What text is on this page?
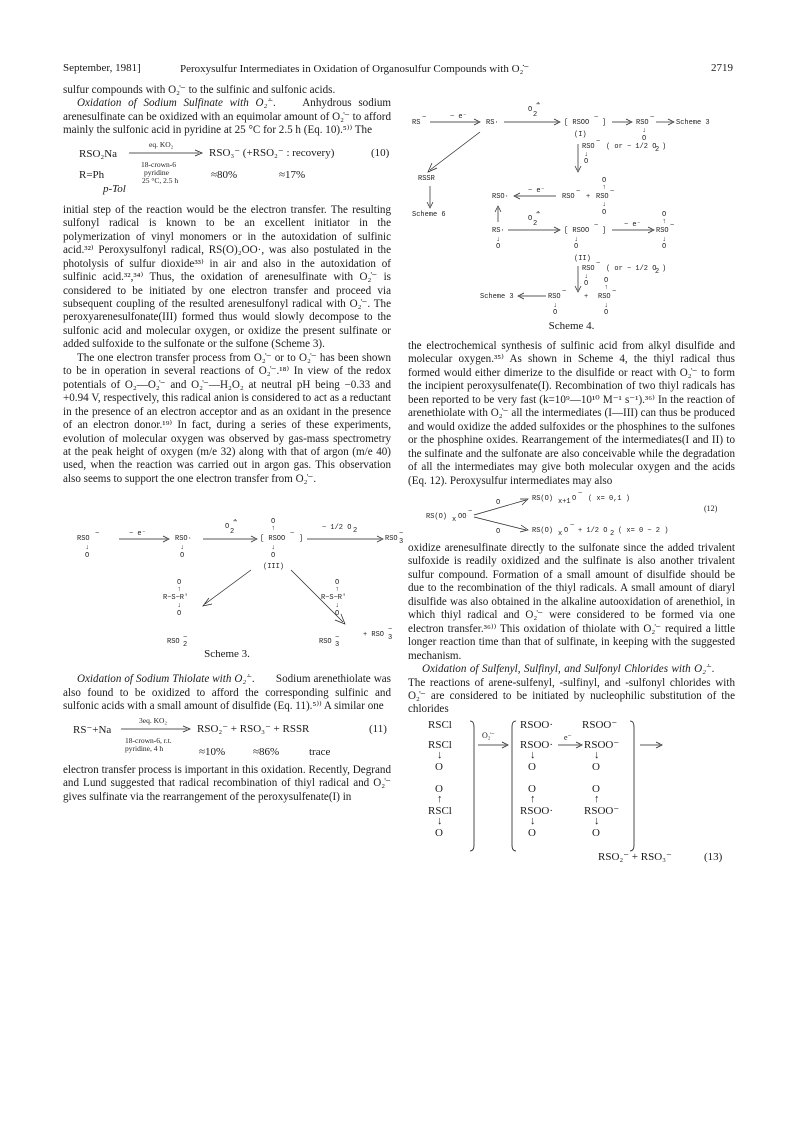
September, 1981]	Peroxysulfur Intermediates in Oxidation of Organosulfur Compounds with O₂̇⁻	2719

sulfur compounds with O₂̇⁻ to the sulfinic and sulfonic acids.

Oxidation of Sodium Sulfinate with O₂̇⁻. Anhydrous sodium arenesulfinate can be oxidized with an equimolar amount of O₂̇⁻ to afford mainly the sulfonic acid in pyridine at 25 °C for 2.5 h (Eq. 10).⁵⁾⁾ The

RSO₂Na
eq. KO₂
18-crown-6
pyridine
25 °C, 2.5 h
RSO₃⁻ (+RSO₂⁻ : recovery)	(10)
R=Ph	≈80%	≈17%
p-Tol

initial step of the reaction would be the electron transfer. The resulting sulfonyl radical is known to be an excellent initiator in the polymerization of vinyl monomers or in the autoxidation of sulfinic acid.³²⁾ Peroxysulfonyl radical, RS(O)₂OO·, was also postulated in the photolysis of sulfur dioxide³³⁾ in air and also in the autoxidation of sulfinic acid.³²,³⁴⁾ Thus, the oxidation of arenesulfinate with O₂̇⁻ is considered to be initiated by one electron transfer and proceed via subsequent coupling of the resulted arenesulfonyl radical with O₂̇⁻. The peroxyarenesulfonate(III) formed thus would slowly decompose to the sulfonic acid and molecular oxygen, or oxidize the present sulfinate or added sulfoxide to the sulfonate or the sulfone (Scheme 3).

The one electron transfer process from O₂̇⁻ or to O₂̇⁻ has been shown to be in operation in several reactions of O₂̇⁻.¹⁸⁾ In view of the redox potentials of O₂—O₂̇⁻ and O₂̇⁻—H₂O₂ at neutral pH being −0.33 and +0.94 V, respectively, this radical anion is considered to act as a reductant in the presence of an electron acceptor and as an oxidant in the presence of an electron donor.¹⁹⁾ In fact, during a series of these experiments, evolution of molecular oxygen was observed by gas-mass spectrometry at the peak height of oxygen (m/e 32) along with that of argon (m/e 40) used, when the reaction was carried out in argon gas. This observation also seems to support the one electron transfer from O₂̇⁻.

RSO
−
↓
O
− e⁻
RSO·
↓
O
O
∸
2
[ RSOO
−
]
O
↑
↓
O
− 1/2 O 2
RSO 3
−
(III)
O
↑
R−S−R'
↓
O
O
↑
R−S−R'
↓
O
+ RSO 3
−
RSO 2
−	RSO 3
−
Scheme 3.

Oxidation of Sodium Thiolate with O₂̇⁻. Sodium arenethiolate was also found to be oxidized to afford the corresponding sulfinic and sulfonic acids with a small amount of disulfide (Eq. 11).⁵⁾⁾ A similar one

RS⁻+Na
3eq. KO₂
18-crown-6, r.t.
pyridine, 4 h
RSO₂⁻ + RSO₃⁻ + RSSR	(11)
≈10%	≈86%	trace

electron transfer process is important in this oxidation. Recently, Degrand and Lund suggested that radical recombination of thiyl radical and O₂̇⁻ gives sulfinate via the rearrangement of the peroxysulfenate(I) in

RS
−	− e⁻
RS·
O
∸
2
[ RSOO
−
]	RSO
−
Scheme 3
↓
O
(I)
RSO
−
( or − 1/2 O
2 )
↓
O
RSSR
Scheme 6
RSO·
− e⁻
RSO
−
+ RSO
−
O
↑
↓
O
RS·
↓
O
O
∸
2
[ RSOO
−
]
↓
O
− e⁻
RSO
−
O
↑
↓
O
(II)
RSO
−
( or − 1/2 O
2 )
↓
O
Scheme 3	RSO
−
+ RSO
−
↓
O
O
↑
↓
O
Scheme 4.

the electrochemical synthesis of sulfinic acid from alkyl disulfide and molecular oxygen.³⁵⁾ As shown in Scheme 4, the thiyl radical thus formed would either dimerize to the disulfide or react with O₂̇⁻ to form the incipient peroxysulfenate(I). Recombination of two thiyl radicals has been reported to be very fast (k=10⁹—10¹⁰ M⁻¹ s⁻¹).³⁶⁾ In the reaction of arenethiolate with O₂̇⁻ all the intermediates (I—III) can thus be produced and would oxidize the added sulfoxides or the phosphines to the sulfones or the phosphine oxides. Rearrangement of the intermediates(I and II) to the sulfinate and the sulfonate are also conceivable while the degradation of all the intermediates may give both molecular oxygen and the acids (Eq. 12). Peroxysulfur intermediates may also

RS(O) x OO
−
O
O
RS(O) x+1 O
−
( x= 0,1 )
RS(O) x O
−
+ 1/2 O 2 ( x= 0 − 2 )
(12)

oxidize arenesulfinate directly to the sulfonate since the added trivalent sulfoxide is readily oxidized and the sulfinate is also another trivalent sulfur compound. Formation of a small amount of disulfide should be due to the recombination of the thiyl radicals. A small amount of diaryl disulfide was also obtained in the alkaline autooxidation of arenethiol, in which thiyl radical and O₂̇⁻ were considered to be formed via one electron transfer.³⁶⁾⁾ This oxidation of thiolate with O₂̇⁻ required a little longer reaction time than that of sulfinate, in keeping with the suggested mechanism.

Oxidation of Sulfenyl, Sulfinyl, and Sulfonyl Chlorides with O₂̇⁻.       The reactions of arene-sulfenyl, -sulfinyl, and -sulfonyl chlorides with O₂̇⁻ are considered to be initiated by nucleophilic substitution of the chlorides

RSCl
RSCl
↓
O
O
↑
RSCl
↓
O
O₂̇⁻
RSOO·
RSOO·
↓
O
O
↑
RSOO·
↓
O
e⁻
RSOO⁻
RSOO⁻
↓
O
O
↑
RSOO⁻
↓
O
RSO₂⁻ + RSO₃⁻	(13)
